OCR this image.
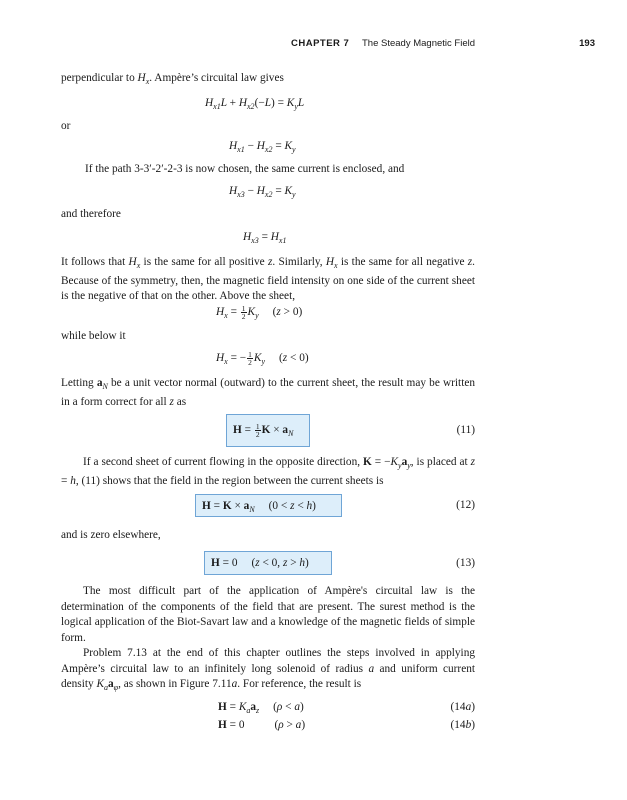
CHAPTER 7 The Steady Magnetic Field	193

perpendicular to $H_x$. Ampère’s circuital law gives

$H_{x1}L + H_{x2}(-L) = K_yL$

or

$H_{x1} - H_{x2} = K_y$

If the path 3-3′-2′-2-3 is now chosen, the same current is enclosed, and

$H_{x3} - H_{x2} = K_y$

and therefore

$H_{x3} = H_{x1}$

It follows that $H_x$ is the same for all positive z. Similarly, $H_x$ is the same for all negative z. Because of the symmetry, then, the magnetic field intensity on one side of the current sheet is the negative of that on the other. Above the sheet,

$H_x = \frac{1}{2} K_y$ (z > 0)

while below it

$H_x$ = − $\frac{1}{2} K_y$ (z < 0)

Letting $a_N$ be a unit vector normal (outward) to the current sheet, the result may be written in a form correct for all z as

$H = \frac{1}{2}$ $K \times a_N$	(11)

If a second sheet of current flowing in the opposite direction, $K = -K_ya_y$, is placed at z = h, (11) shows that the field in the region between the current sheets is

$H = K \times a_N$ (0 < z < h)	(12)

and is zero elsewhere,

H = 0 (z < 0, z > h)	(13)

The most difficult part of the application of Ampère's circuital law is the determination of the components of the field that are present. The surest method is the logical application of the Biot-Savart law and a knowledge of the magnetic fields of simple form.

Problem 7.13 at the end of this chapter outlines the steps involved in applying Ampère’s circuital law to an infinitely long solenoid of radius a and uniform current density $K_aa_\varphi$, as shown in Figure 7.11a. For reference, the result is

$H = K_aa_z$ (ρ < a)	(14a)
H = 0	(ρ > a)	(14b)
